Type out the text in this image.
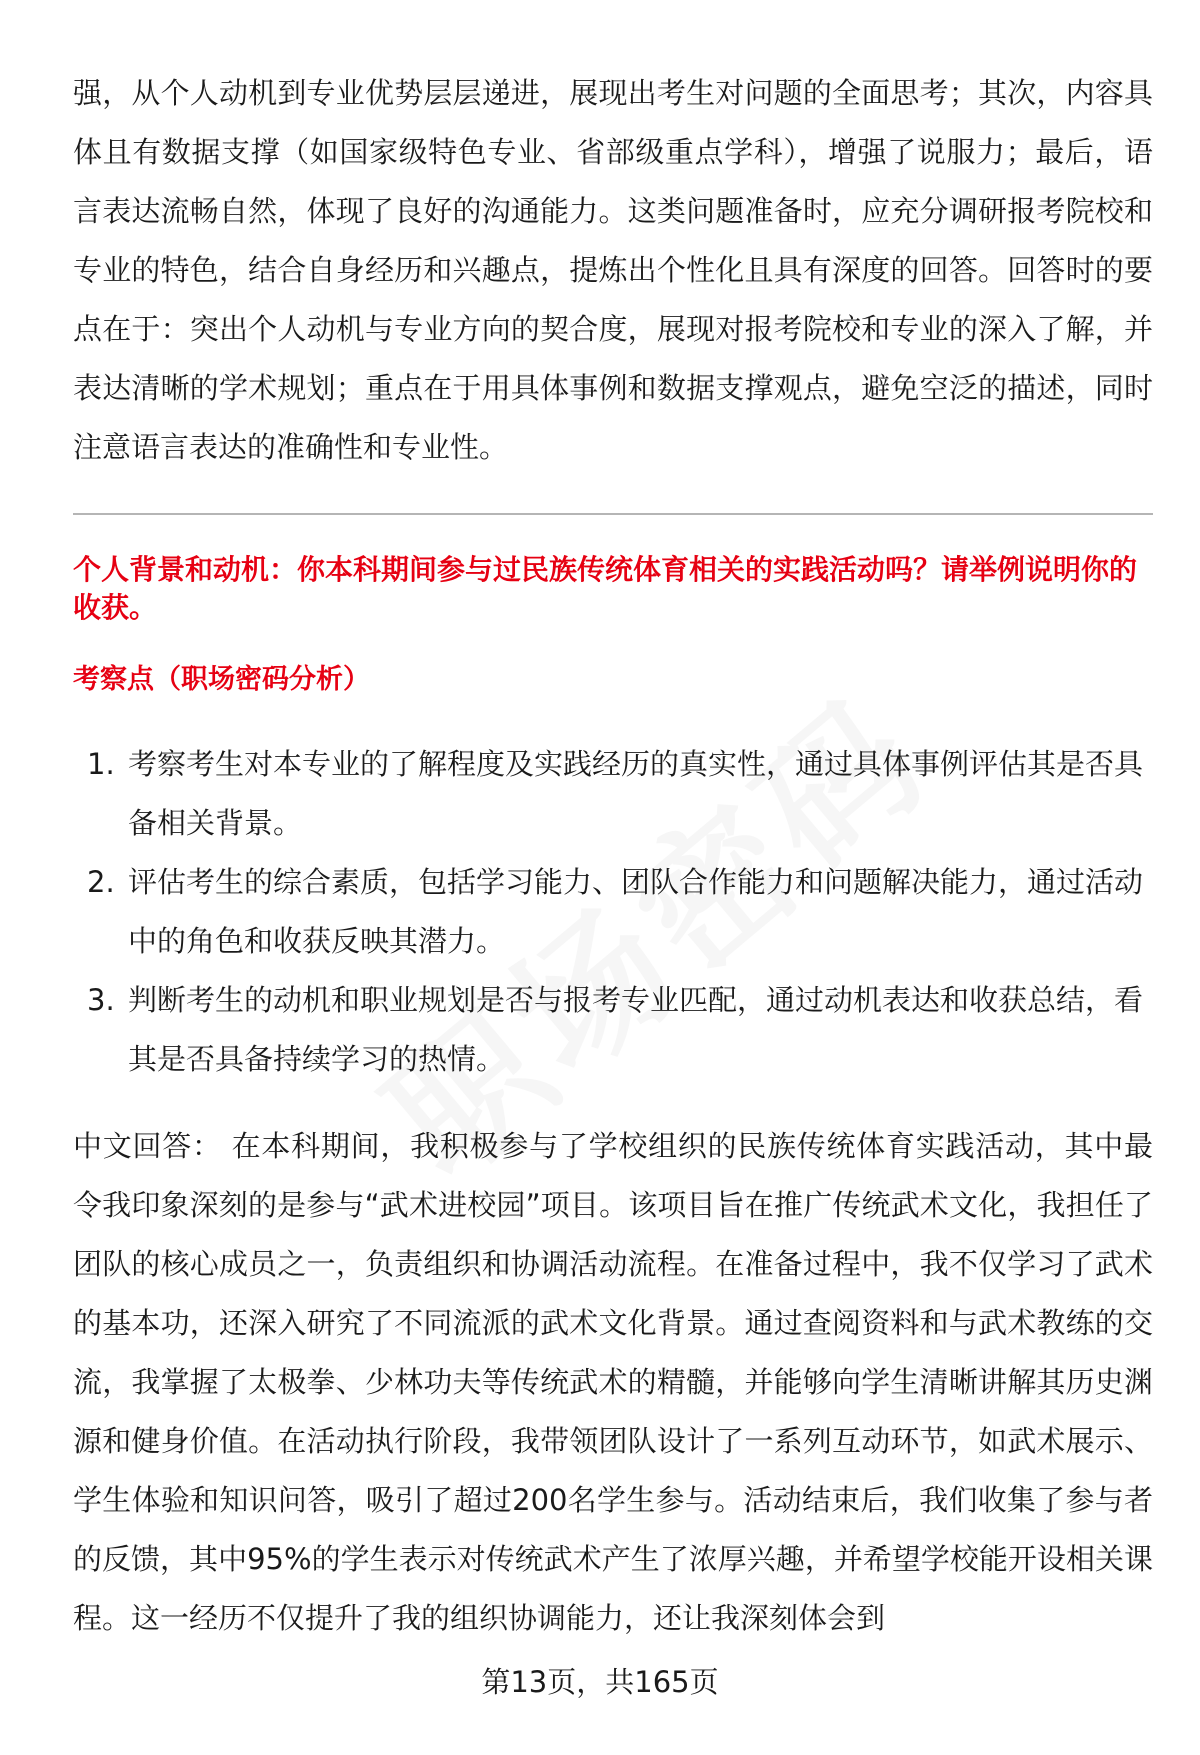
强，从个人动机到专业优势层层递进，展现出考生对问题的全面思考；其次，内容具体且有数据支撑（如国家级特色专业、省部级重点学科），增强了说服力；最后，语言表达流畅自然，体现了良好的沟通能力。这类问题准备时，应充分调研报考院校和专业的特色，结合自身经历和兴趣点，提炼出个性化且具有深度的回答。回答时的要点在于：突出个人动机与专业方向的契合度，展现对报考院校和专业的深入了解，并表达清晰的学术规划；重点在于用具体事例和数据支撑观点，避免空泛的描述，同时注意语言表达的准确性和专业性。

个人背景和动机：你本科期间参与过民族传统体育相关的实践活动吗？请举例说明你的收获。

考察点（职场密码分析）

1. 考察考生对本专业的了解程度及实践经历的真实性，通过具体事例评估其是否具备相关背景。
2. 评估考生的综合素质，包括学习能力、团队合作能力和问题解决能力，通过活动中的角色和收获反映其潜力。
3. 判断考生的动机和职业规划是否与报考专业匹配，通过动机表达和收获总结，看其是否具备持续学习的热情。

中文回答： 在本科期间，我积极参与了学校组织的民族传统体育实践活动，其中最令我印象深刻的是参与“武术进校园”项目。该项目旨在推广传统武术文化，我担任了团队的核心成员之一，负责组织和协调活动流程。在准备过程中，我不仅学习了武术的基本功，还深入研究了不同流派的武术文化背景。通过查阅资料和与武术教练的交流，我掌握了太极拳、少林功夫等传统武术的精髓，并能够向学生清晰讲解其历史渊源和健身价值。在活动执行阶段，我带领团队设计了一系列互动环节，如武术展示、学生体验和知识问答，吸引了超过200名学生参与。活动结束后，我们收集了参与者的反馈，其中95%的学生表示对传统武术产生了浓厚兴趣，并希望学校能开设相关课程。这一经历不仅提升了我的组织协调能力，还让我深刻体会到

第13页，共165页
